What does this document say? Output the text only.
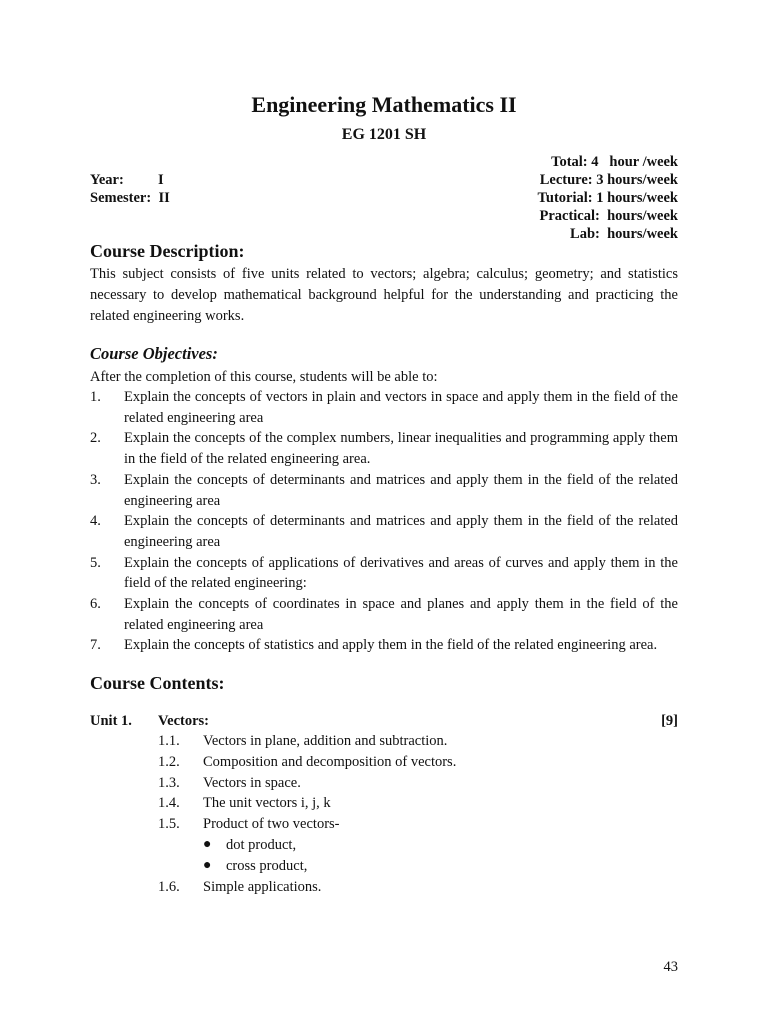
Engineering Mathematics II
EG 1201 SH
Total: 4   hour /week
Lecture: 3 hours/week
Tutorial: 1 hours/week
Practical:  hours/week
Lab:  hours/week
Year: I
Semester: II
Course Description:
This subject consists of five units related to vectors; algebra; calculus; geometry; and statistics necessary to develop mathematical background helpful for the understanding and practicing the related engineering works.
Course Objectives:
After the completion of this course, students will be able to:
1.	Explain the concepts of vectors in plain and vectors in space and apply them in the field of the related engineering area
2.	Explain the concepts of the complex numbers, linear inequalities and programming apply them in the field of the related engineering area.
3.	Explain the concepts of determinants and matrices and apply them in the field of the related engineering area
4.	Explain the concepts of determinants and matrices and apply them in the field of the related engineering area
5.	Explain the concepts of applications of derivatives and areas of curves and apply them in the field of the related engineering:
6.	Explain the concepts of coordinates in space and planes and apply them in the field of the related engineering area
7.	Explain the concepts of statistics and apply them in the field of the related engineering area.
Course Contents:
Unit 1.	Vectors:	[9]
1.1.	Vectors in plane, addition and subtraction.
1.2.	Composition and decomposition of vectors.
1.3.	Vectors in space.
1.4.	The unit vectors i, j, k
1.5.	Product of two vectors-
●	dot product,
●	cross product,
1.6.	Simple applications.
43
